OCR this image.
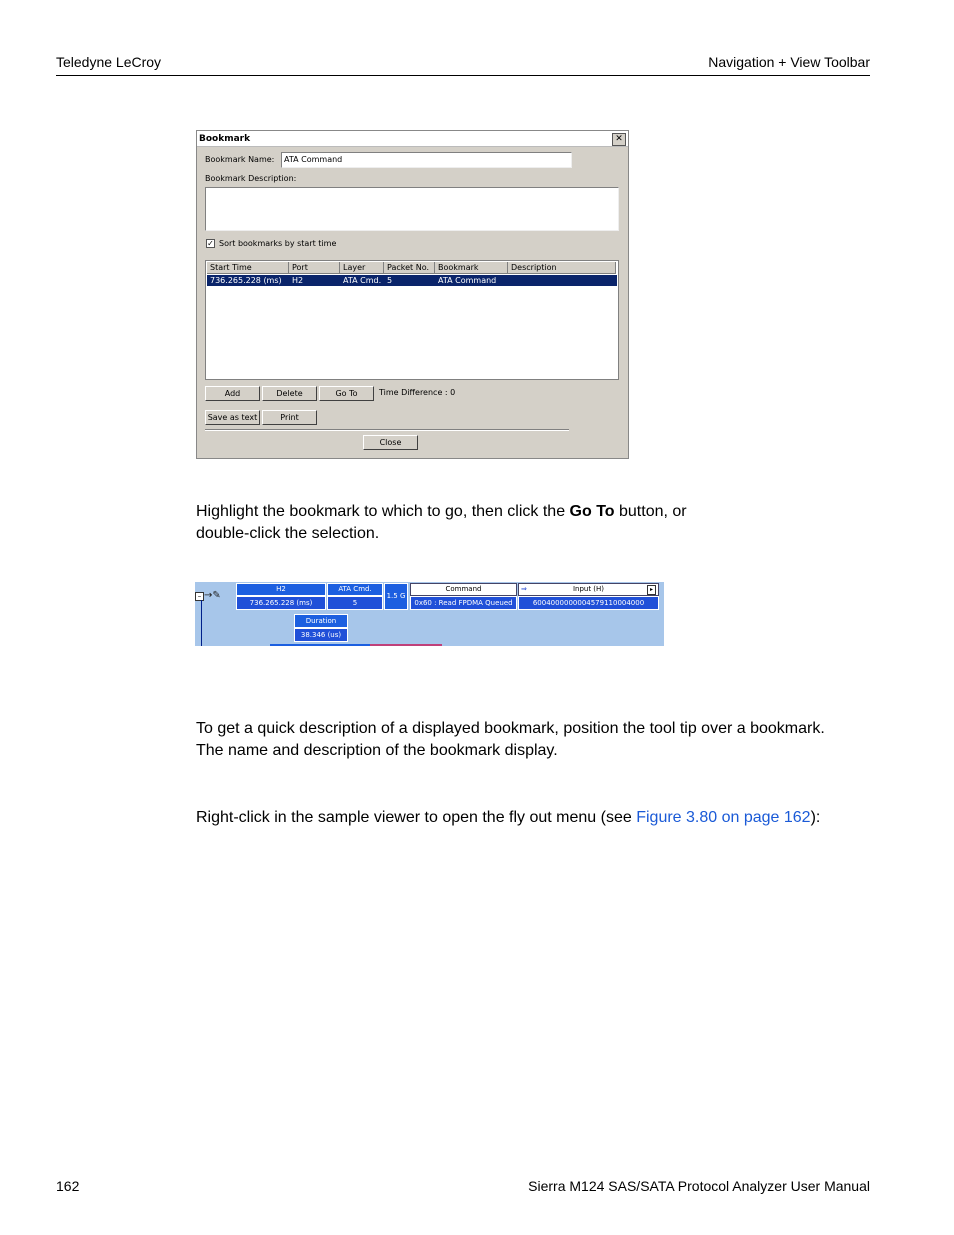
Teledyne LeCroy	Navigation + View Toolbar
Bookmark	✕
Bookmark Name:	ATA Command
Bookmark Description:
✓ Sort bookmarks by start time
Start Time	Port	Layer	Packet No.	Bookmark	Description
736.265.228 (ms)	H2	ATA Cmd. 5	ATA Command
Add	Delete	Go To	Time Difference : 0
Save as text	Print
Close
Highlight the bookmark to which to go, then click the Go To button, or
double-click the selection.
– →✎
H2
736.265.228 (ms)
ATA Cmd.
5
1.5 G
Command
0x60 : Read FPDMA Queued
⇒	Input (H)	▸
6004000000004579110004000
Duration
38.346 (us)
To get a quick description of a displayed bookmark, position the tool tip over a bookmark.
The name and description of the bookmark display.
Right-click in the sample viewer to open the fly out menu (see Figure 3.80 on page 162):
162	Sierra M124 SAS/SATA Protocol Analyzer User Manual
